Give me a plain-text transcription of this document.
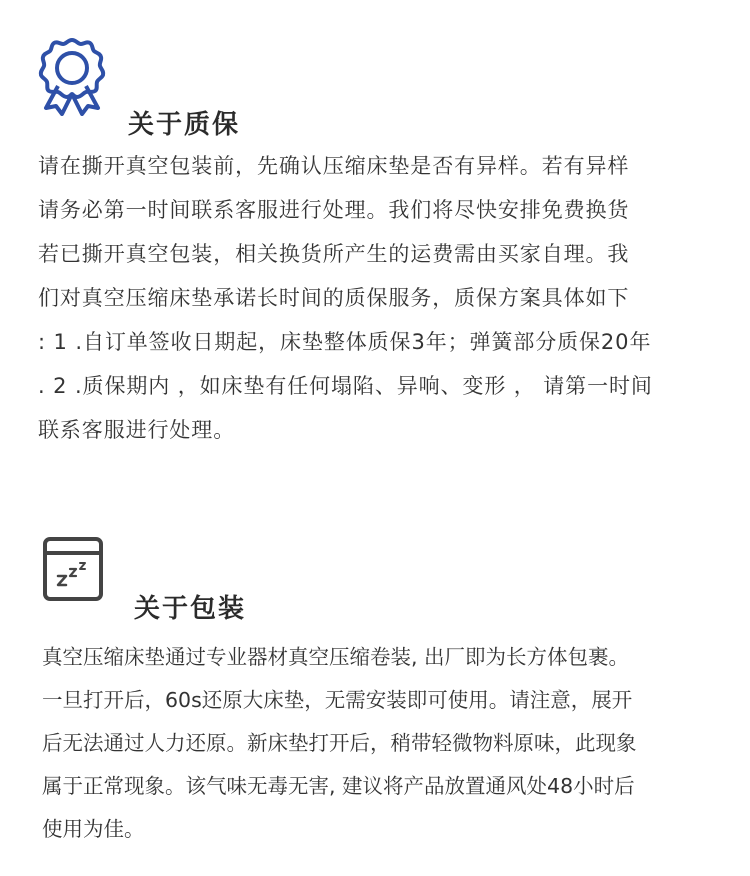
关于质保
请在撕开真空包装前，先确认压缩床垫是否有异样。若有异样
请务必第一时间联系客服进行处理。我们将尽快安排免费换货
若已撕开真空包装，相关换货所产生的运费需由买家自理。我
们对真空压缩床垫承诺长时间的质保服务，质保方案具体如下
: 1 .自订单签收日期起，床垫整体质保3年；弹簧部分质保20年
. 2 .质保期内 ，如床垫有任何塌陷、异响、变形 ， 请第一时间
联系客服进行处理。
关于包装
真空压缩床垫通过专业器材真空压缩卷装, 出厂即为长方体包裹。
一旦打开后，60s还原大床垫，无需安装即可使用。请注意，展开
后无法通过人力还原。新床垫打开后，稍带轻微物料原味，此现象
属于正常现象。该气味无毒无害, 建议将产品放置通风处48小时后
使用为佳。
